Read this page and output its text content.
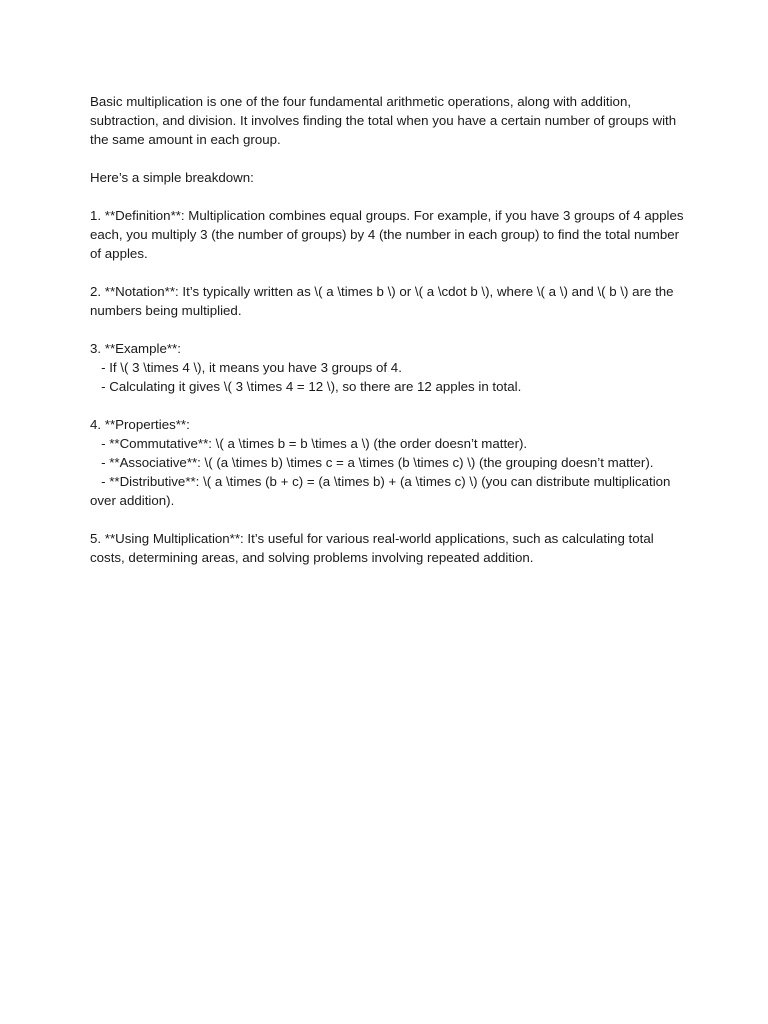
Basic multiplication is one of the four fundamental arithmetic operations, along with addition, subtraction, and division. It involves finding the total when you have a certain number of groups with the same amount in each group.

Here’s a simple breakdown:

1. **Definition**: Multiplication combines equal groups. For example, if you have 3 groups of 4 apples each, you multiply 3 (the number of groups) by 4 (the number in each group) to find the total number of apples.

2. **Notation**: It’s typically written as \( a \times b \) or \( a \cdot b \), where \( a \) and \( b \) are the numbers being multiplied.

3. **Example**:
- If \( 3 \times 4 \), it means you have 3 groups of 4.
- Calculating it gives \( 3 \times 4 = 12 \), so there are 12 apples in total.
4. **Properties**:
- **Commutative**: \( a \times b = b \times a \) (the order doesn’t matter).
- **Associative**: \( (a \times b) \times c = a \times (b \times c) \) (the grouping doesn’t matter).
- **Distributive**: \( a \times (b + c) = (a \times b) + (a \times c) \) (you can distribute multiplication over addition).

5. **Using Multiplication**: It’s useful for various real-world applications, such as calculating total costs, determining areas, and solving problems involving repeated addition.
